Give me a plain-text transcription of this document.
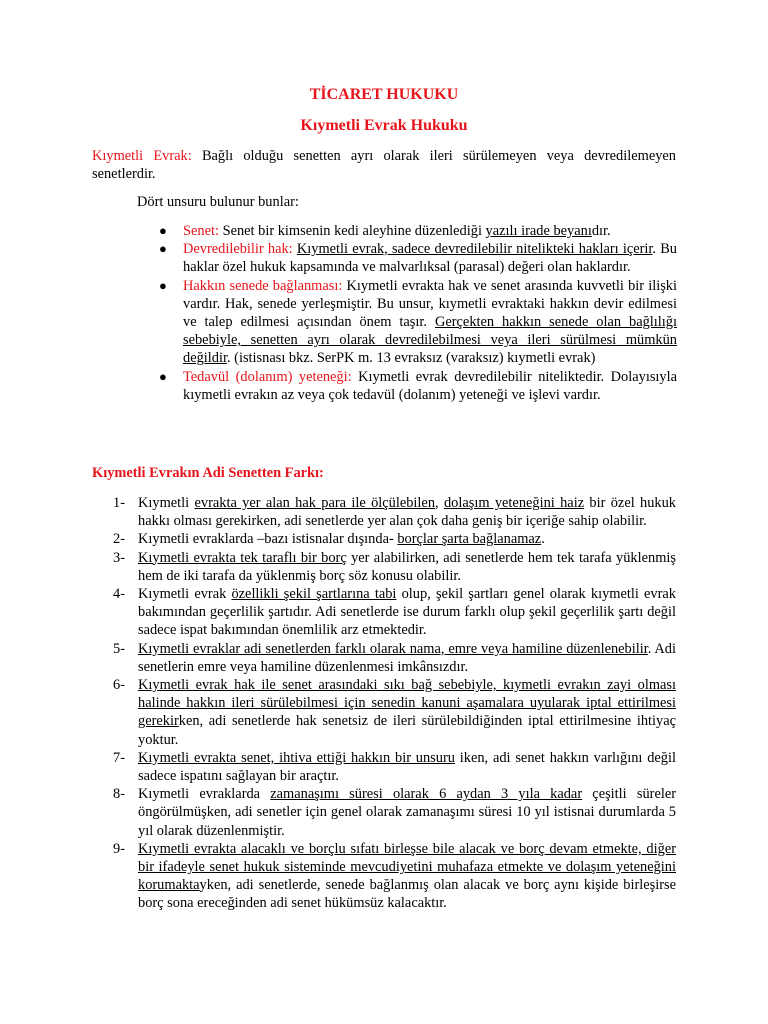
TİCARET HUKUKU
Kıymetli Evrak Hukuku
Kıymetli Evrak: Bağlı olduğu senetten ayrı olarak ileri sürülemeyen veya devredilemeyen senetlerdir.
Dört unsuru bulunur bunlar:
● Senet: Senet bir kimsenin kedi aleyhine düzenlediği yazılı irade beyanıdır.
● Devredilebilir hak: Kıymetli evrak, sadece devredilebilir nitelikteki hakları içerir. Bu haklar özel hukuk kapsamında ve malvarlıksal (parasal) değeri olan haklardır.
● Hakkın senede bağlanması: Kıymetli evrakta hak ve senet arasında kuvvetli bir ilişki vardır. Hak, senede yerleşmiştir. Bu unsur, kıymetli evraktaki hakkın devir edilmesi ve talep edilmesi açısından önem taşır. Gerçekten hakkın senede olan bağlılığı sebebiyle, senetten ayrı olarak devredilebilmesi veya ileri sürülmesi mümkün değildir. (istisnası bkz. SerPK m. 13 evraksız (varaksız) kıymetli evrak)
● Tedavül (dolanım) yeteneği: Kıymetli evrak devredilebilir niteliktedir. Dolayısıyla kıymetli evrakın az veya çok tedavül (dolanım) yeteneği ve işlevi vardır.
Kıymetli Evrakın Adi Senetten Farkı:
1- Kıymetli evrakta yer alan hak para ile ölçülebilen, dolaşım yeteneğini haiz bir özel hukuk hakkı olması gerekirken, adi senetlerde yer alan çok daha geniş bir içeriğe sahip olabilir.
2- Kıymetli evraklarda –bazı istisnalar dışında- borçlar şarta bağlanamaz.
3- Kıymetli evrakta tek taraflı bir borç yer alabilirken, adi senetlerde hem tek tarafa yüklenmiş hem de iki tarafa da yüklenmiş borç söz konusu olabilir.
4- Kıymetli evrak özellikli şekil şartlarına tabi olup, şekil şartları genel olarak kıymetli evrak bakımından geçerlilik şartıdır. Adi senetlerde ise durum farklı olup şekil geçerlilik şartı değil sadece ispat bakımından önemlilik arz etmektedir.
5- Kıymetli evraklar adi senetlerden farklı olarak nama, emre veya hamiline düzenlenebilir. Adi senetlerin emre veya hamiline düzenlenmesi imkânsızdır.
6- Kıymetli evrak hak ile senet arasındaki sıkı bağ sebebiyle, kıymetli evrakın zayi olması halinde hakkın ileri sürülebilmesi için senedin kanuni aşamalara uyularak iptal ettirilmesi gerekirken, adi senetlerde hak senetsiz de ileri sürülebildiğinden iptal ettirilmesine ihtiyaç yoktur.
7- Kıymetli evrakta senet, ihtiva ettiği hakkın bir unsuru iken, adi senet hakkın varlığını değil sadece ispatını sağlayan bir araçtır.
8- Kıymetli evraklarda zamanaşımı süresi olarak 6 aydan 3 yıla kadar çeşitli süreler öngörülmüşken, adi senetler için genel olarak zamanaşımı süresi 10 yıl istisnai durumlarda 5 yıl olarak düzenlenmiştir.
9- Kıymetli evrakta alacaklı ve borçlu sıfatı birleşse bile alacak ve borç devam etmekte, diğer bir ifadeyle senet hukuk sisteminde mevcudiyetini muhafaza etmekte ve dolaşım yeteneğini korumaktayken, adi senetlerde, senede bağlanmış olan alacak ve borç aynı kişide birleşirse borç sona ereceğinden adi senet hükümsüz kalacaktır.
